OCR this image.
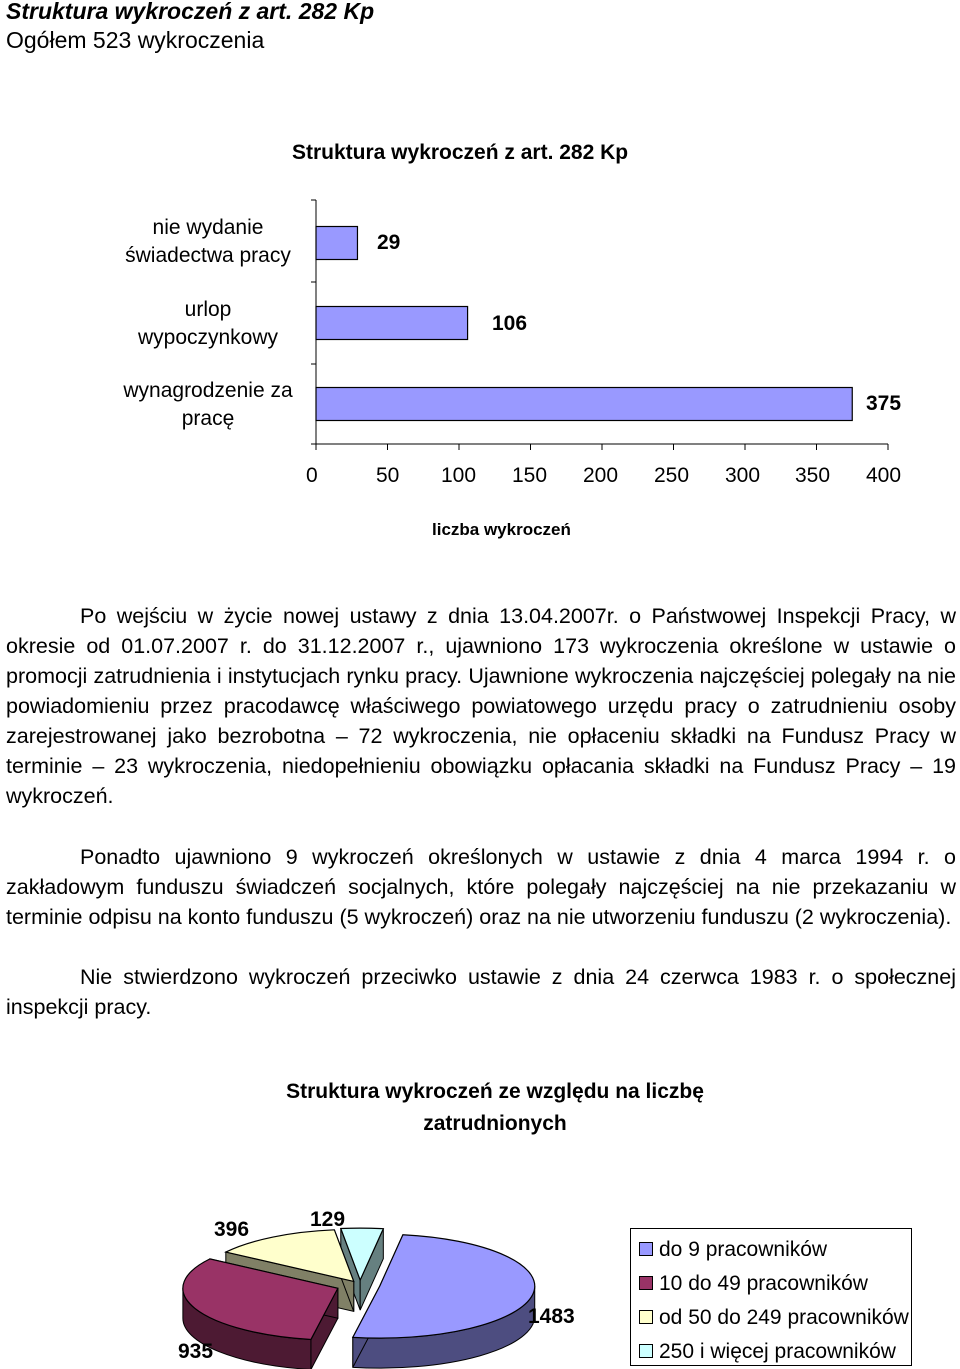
Struktura wykroczeń z art. 282 Kp
Ogółem 523 wykroczenia
Struktura wykroczeń z art. 282 Kp
nie wydanie
świadectwa pracy
urlop
wypoczynkowy
wynagrodzenie za
pracę
29
106
375
0	50 100 150 200 250 300 350 400
liczba wykroczeń

Po wejściu w życie nowej ustawy z dnia 13.04.2007r. o Państwowej Inspekcji Pracy, w okresie od 01.07.2007 r. do 31.12.2007 r., ujawniono 173 wykroczenia określone w ustawie o promocji zatrudnienia i instytucjach rynku pracy. Ujawnione wykroczenia najczęściej polegały na nie powiadomieniu przez pracodawcę właściwego powiatowego urzędu pracy o zatrudnieniu osoby zarejestrowanej jako bezrobotna – 72 wykroczenia, nie opłaceniu składki na Fundusz Pracy w terminie – 23 wykroczenia, niedopełnieniu obowiązku opłacania składki na Fundusz Pracy – 19 wykroczeń.

Ponadto ujawniono 9 wykroczeń określonych w ustawie z dnia 4 marca 1994 r. o zakładowym funduszu świadczeń socjalnych, które polegały najczęściej na nie przekazaniu w terminie odpisu na konto funduszu (5 wykroczeń) oraz na nie utworzeniu funduszu (2 wykroczenia).

Nie stwierdzono wykroczeń przeciwko ustawie z dnia 24 czerwca 1983 r. o społecznej inspekcji pracy.

Struktura wykroczeń ze względu na liczbę
zatrudnionych
396	129
1483
935
do 9 pracowników
10 do 49 pracowników
od 50 do 249 pracowników
250 i więcej pracowników
